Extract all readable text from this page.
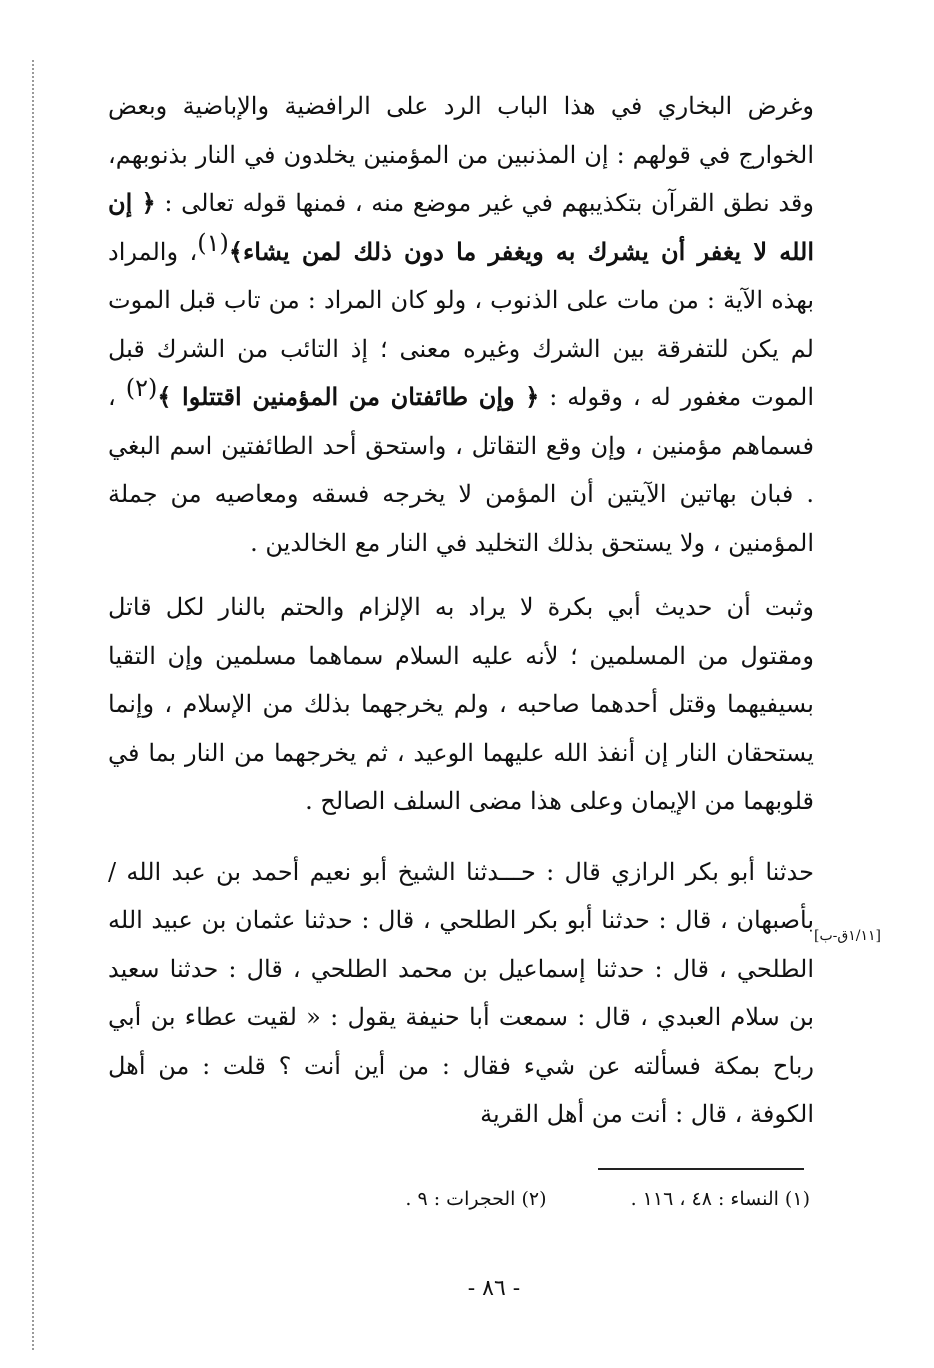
وغرض البخاري في هذا الباب الرد على الرافضية والإباضية وبعض الخوارج في قولهم : إن المذنبين من المؤمنين يخلدون في النار بذنوبهم، وقد نطق القرآن بتكذيبهم في غير موضع منه ، فمنها قوله تعالى : ﴿ إن الله لا يغفر أن يشرك به ويغفر ما دون ذلك لمن يشاء﴾(١)، والمراد بهذه الآية : من مات على الذنوب ، ولو كان المراد : من تاب قبل الموت لم يكن للتفرقة بين الشرك وغيره معنى ؛ إذ التائب من الشرك قبل الموت مغفور له ، وقوله : ﴿ وإن طائفتان من المؤمنين اقتتلوا ﴾(٢) ، فسماهم مؤمنين ، وإن وقع التقاتل ، واستحق أحد الطائفتين اسم البغي . فبان بهاتين الآيتين أن المؤمن لا يخرجه فسقه ومعاصيه من جملة المؤمنين ، ولا يستحق بذلك التخليد في النار مع الخالدين .

وثبت أن حديث أبي بكرة لا يراد به الإلزام والحتم بالنار لكل قاتل ومقتول من المسلمين ؛ لأنه عليه السلام سماهما مسلمين وإن التقيا بسيفيهما وقتل أحدهما صاحبه ، ولم يخرجهما بذلك من الإسلام ، وإنما يستحقان النار إن أنفذ الله عليهما الوعيد ، ثم يخرجهما من النار بما في قلوبهما من الإيمان وعلى هذا مضى السلف الصالح .

حدثنا أبو بكر الرازي قال : حـــدثنا الشيخ أبو نعيم أحمد بن عبد الله / بأصبهان ، قال : حدثنا أبو بكر الطلحي ، قال : حدثنا عثمان بن عبيد الله الطلحي ، قال : حدثنا إسماعيل بن محمد الطلحي ، قال : حدثنا سعيد بن سلام العبدي ، قال : سمعت أبا حنيفة يقول : « لقيت عطاء بن أبي رباح بمكة فسألته عن شيء فقال : من أين أنت ؟ قلت : من أهل الكوفة ، قال : أنت من أهل القرية

[١/١١ق-ب]
(١) النساء : ٤٨ ، ١١٦ . (٢) الحجرات : ٩ .
- ٨٦ -
